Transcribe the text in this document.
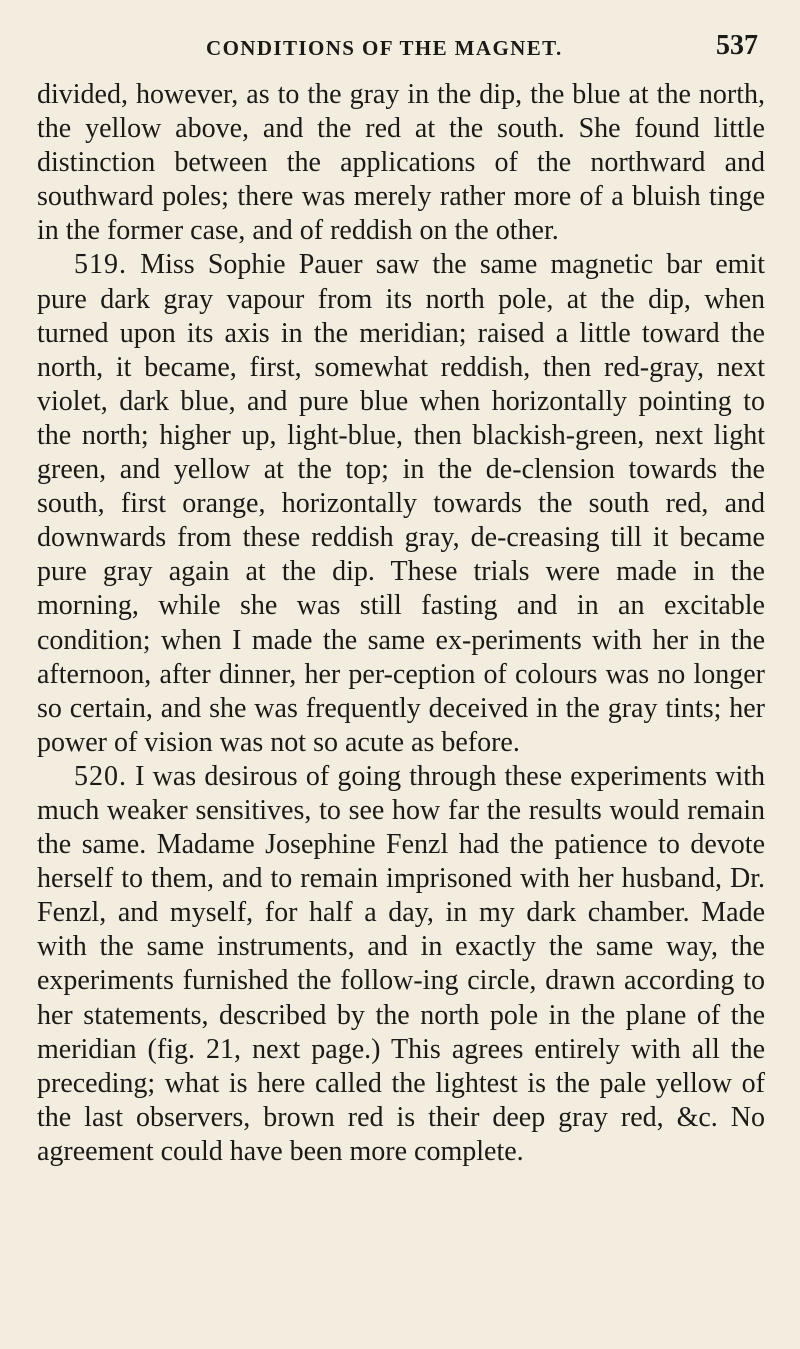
CONDITIONS OF THE MAGNET.	537

divided, however, as to the gray in the dip, the blue at the north, the yellow above, and the red at the south. She found little distinction between the applications of the northward and southward poles; there was merely rather more of a bluish tinge in the former case, and of reddish on the other.

519. Miss Sophie Pauer saw the same magnetic bar emit pure dark gray vapour from its north pole, at the dip, when turned upon its axis in the meridian; raised a little toward the north, it became, first, somewhat reddish, then red-gray, next violet, dark blue, and pure blue when horizontally pointing to the north; higher up, light-blue, then blackish-green, next light green, and yellow at the top; in the de-clension towards the south, first orange, horizontally towards the south red, and downwards from these reddish gray, de-creasing till it became pure gray again at the dip. These trials were made in the morning, while she was still fasting and in an excitable condition; when I made the same ex-periments with her in the afternoon, after dinner, her per-ception of colours was no longer so certain, and she was frequently deceived in the gray tints; her power of vision was not so acute as before.

520. I was desirous of going through these experiments with much weaker sensitives, to see how far the results would remain the same. Madame Josephine Fenzl had the patience to devote herself to them, and to remain imprisoned with her husband, Dr. Fenzl, and myself, for half a day, in my dark chamber. Made with the same instruments, and in exactly the same way, the experiments furnished the follow-ing circle, drawn according to her statements, described by the north pole in the plane of the meridian (fig. 21, next page.) This agrees entirely with all the preceding; what is here called the lightest is the pale yellow of the last observers, brown red is their deep gray red, &c. No agreement could have been more complete.
